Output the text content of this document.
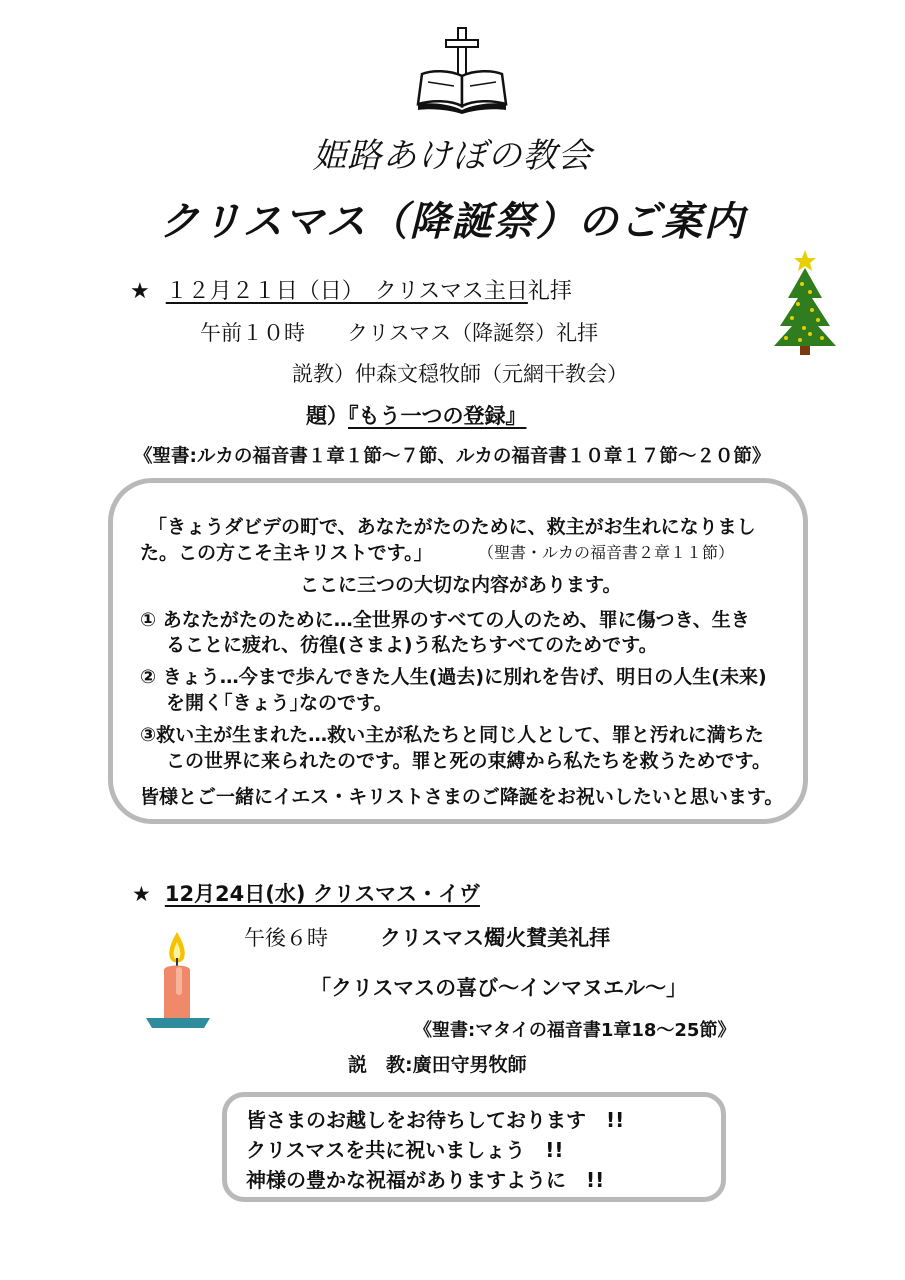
姫路あけぼの教会
クリスマス（降誕祭）のご案内
★ １２月２１日（日）　クリスマス主日礼拝
午前１０時　　クリスマス（降誕祭）礼拝
説教）仲森文穏牧師（元網干教会）
題）『もう一つの登録』
《聖書:ルカの福音書１章１節～７節、ルカの福音書１０章１７節～２０節》
「きょうダビデの町で、あなたがたのために、救主がお生れになりまし
た。この方こそ主キリストです。」	（聖書・ルカの福音書２章１１節）
ここに三つの大切な内容があります。
① あなたがたのために…全世界のすべての人のため、罪に傷つき、生き
ることに疲れ、彷徨(さまよ)う私たちすべてのためです。
② きょう…今まで歩んできた人生(過去)に別れを告げ、明日の人生(未来)
を開く｢きょう｣なのです。
③救い主が生まれた…救い主が私たちと同じ人として、罪と汚れに満ちた
この世界に来られたのです。罪と死の束縛から私たちを救うためです。
皆様とご一緒にイエス・キリストさまのご降誕をお祝いしたいと思います。
★ 12月24日(水) クリスマス・イヴ
午後６時 クリスマス燭火賛美礼拝
「クリスマスの喜び～インマヌエル～」
《聖書:マタイの福音書1章18～25節》
説　教:廣田守男牧師
皆さまのお越しをお待ちしております　!!
クリスマスを共に祝いましょう　!!
神様の豊かな祝福がありますように　!!
